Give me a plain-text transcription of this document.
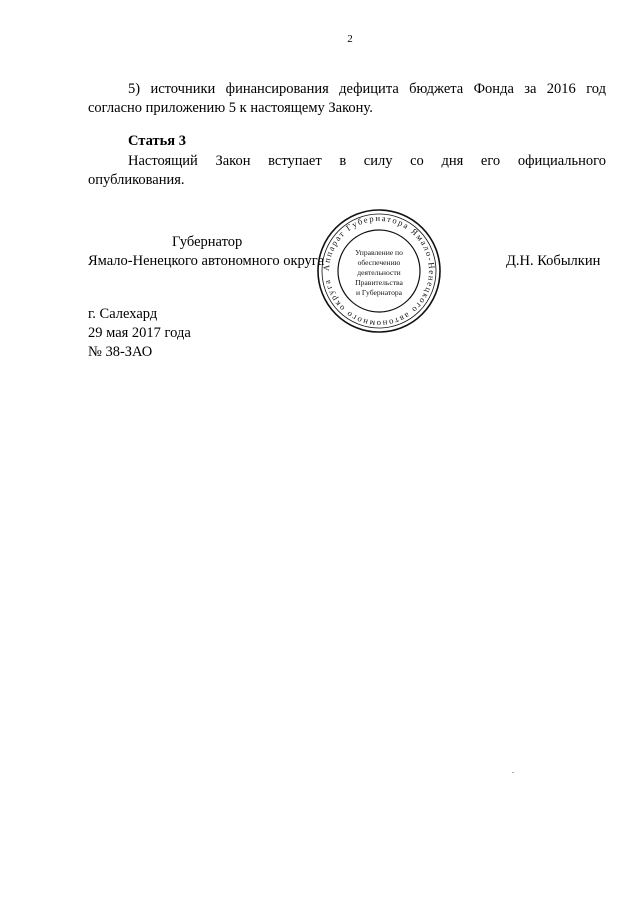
2
5) источники финансирования дефицита бюджета Фонда за 2016 год
согласно приложению 5 к настоящему Закону.
Статья 3
Настоящий Закон вступает в силу со дня его официального
опубликования.
Губернатор
Ямало-Ненецкого автономного округа	Д.Н. Кобылкин
Аппарат Губернатора Ямало-Ненецкого автономного округа
Управление по
обеспечению
деятельности
Правительства
и Губернатора
г. Салехард
29 мая 2017 года
№ 38-ЗАО
